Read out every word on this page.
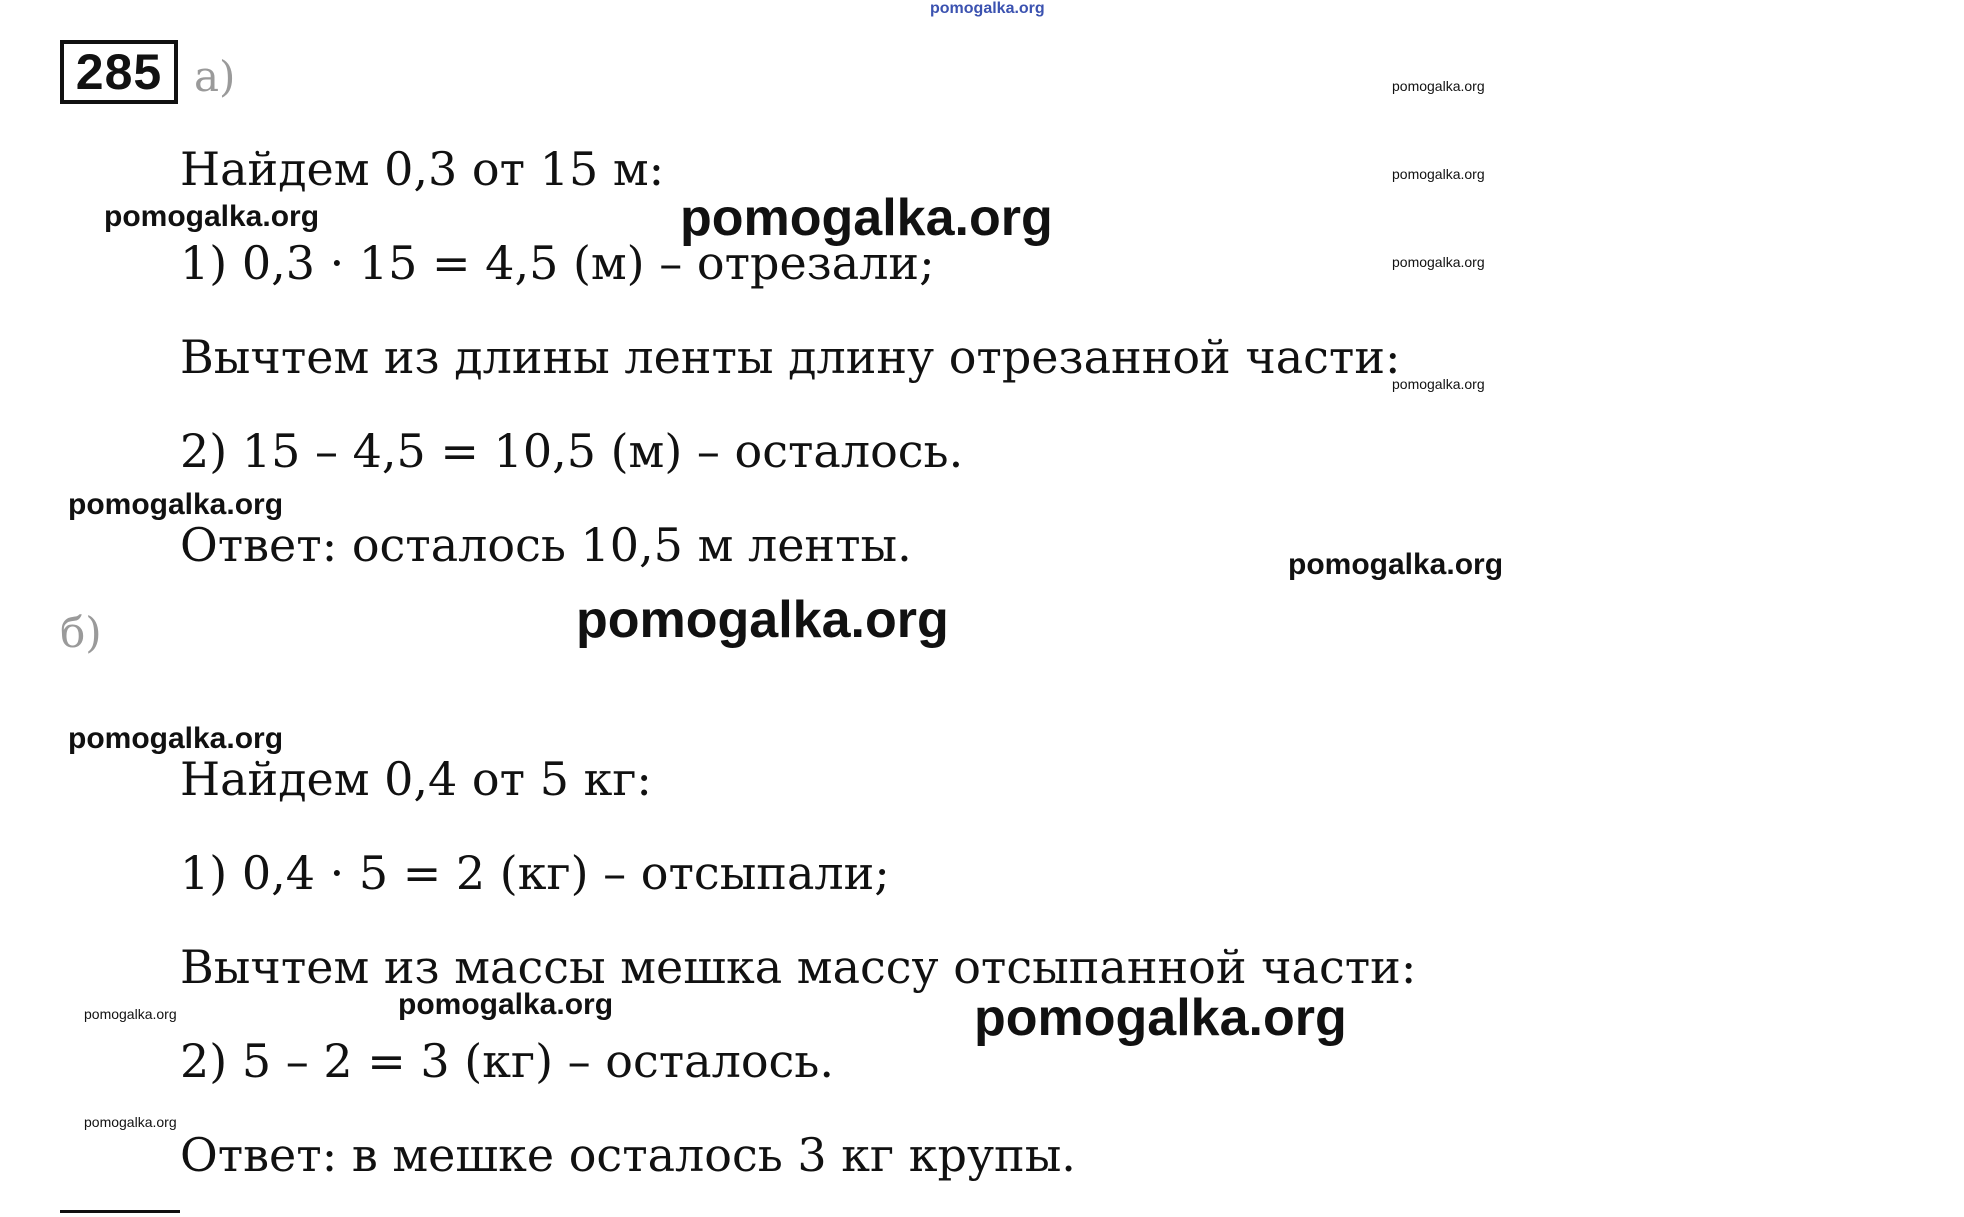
pomogalka.org
285 а)
Найдем 0,3 от 15 м:
1) 0,3 · 15 = 4,5 (м) – отрезали;
Вычтем из длины ленты длину отрезанной части:
2) 15 – 4,5 = 10,5 (м) – осталось.
Ответ: осталось 10,5 м ленты.
б)
Найдем 0,4 от 5 кг:
1) 0,4 · 5 = 2 (кг) – отсыпали;
Вычтем из массы мешка массу отсыпанной части:
2) 5 – 2 = 3 (кг) – осталось.
Ответ: в мешке осталось 3 кг крупы.
pomogalka.org
pomogalka.org
pomogalka.org
pomogalka.org
pomogalka.org	pomogalka.org
pomogalka.org
pomogalka.org
pomogalka.org
pomogalka.org
pomogalka.org	pomogalka.org	pomogalka.org
pomogalka.org
